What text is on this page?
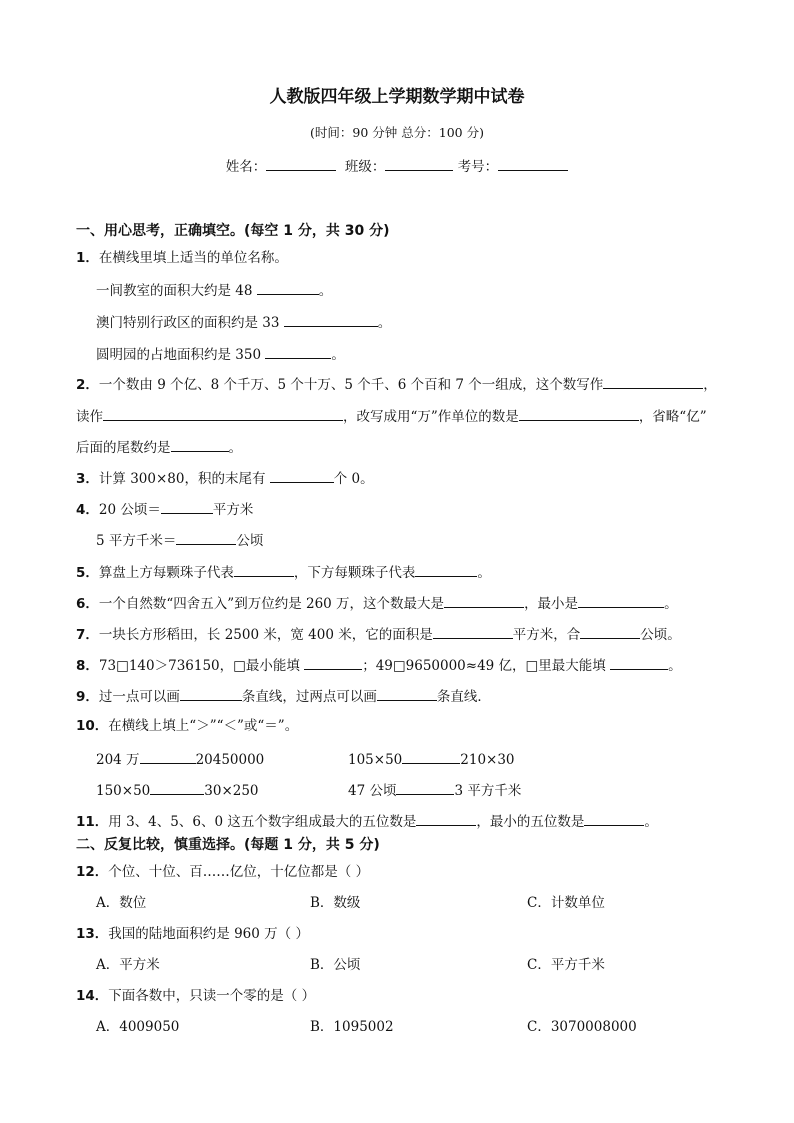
人教版四年级上学期数学期中试卷
(时间：90 分钟 总分：100 分)
姓名：	班级：	考号：
一、用心思考，正确填空。(每空 1 分，共 30 分)
1．在横线里填上适当的单位名称。
一间教室的面积大约是 48	。
澳门特别行政区的面积约是 33	。
圆明园的占地面积约是 350	。
2．一个数由 9 个亿、8 个千万、5 个十万、5 个千、6 个百和 7 个一组成，这个数写作	，
读作	，改写成用“万”作单位的数是	，省略“亿”
后面的尾数约是	。
3．计算 300×80，积的末尾有	个 0。
4．20 公顷＝	平方米
5 平方千米＝	公顷
5．算盘上方每颗珠子代表	，下方每颗珠子代表	。
6．一个自然数“四舍五入”到万位约是 260 万，这个数最大是	，最小是	。
7．一块长方形稻田，长 2500 米，宽 400 米，它的面积是	平方米，合	公顷。
8．73□140＞736150，□最小能填	；49□9650000≈49 亿，□里最大能填	。
9．过一点可以画	条直线，过两点可以画	条直线．
10．在横线上填上“＞”“＜”或“＝”。
204 万	20450000	105×50	210×30
150×50	30×250	47 公顷	3 平方千米
11．用 3、4、5、6、0 这五个数字组成最大的五位数是	，最小的五位数是	。
二、反复比较，慎重选择。(每题 1 分，共 5 分)
12．个位、十位、百……亿位，十亿位都是（ ）
A．数位	B．数级	C．计数单位
13．我国的陆地面积约是 960 万（ ）
A．平方米	B．公顷	C．平方千米
14．下面各数中，只读一个零的是（ ）
A．4009050	B．1095002	C．3070008000
